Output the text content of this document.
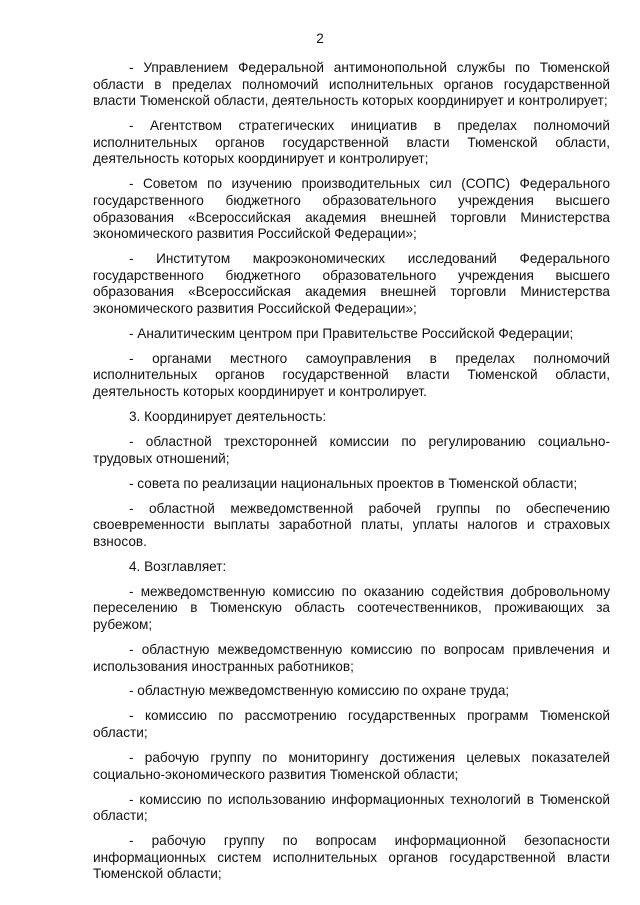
2

- Управлением Федеральной антимонопольной службы по Тюменской области в пределах полномочий исполнительных органов государственной власти Тюменской области, деятельность которых координирует и контролирует;

- Агентством стратегических инициатив в пределах полномочий исполнительных органов государственной власти Тюменской области, деятельность которых координирует и контролирует;

- Советом по изучению производительных сил (СОПС) Федерального государственного бюджетного образовательного учреждения высшего образования «Всероссийская академия внешней торговли Министерства экономического развития Российской Федерации»;

- Институтом макроэкономических исследований Федерального государственного бюджетного образовательного учреждения высшего образования «Всероссийская академия внешней торговли Министерства экономического развития Российской Федерации»;

- Аналитическим центром при Правительстве Российской Федерации;

- органами местного самоуправления в пределах полномочий исполнительных органов государственной власти Тюменской области, деятельность которых координирует и контролирует.

3. Координирует деятельность:

- областной трехсторонней комиссии по регулированию социально-трудовых отношений;

- совета по реализации национальных проектов в Тюменской области;

- областной межведомственной рабочей группы по обеспечению своевременности выплаты заработной платы, уплаты налогов и страховых взносов.

4. Возглавляет:

- межведомственную комиссию по оказанию содействия добровольному переселению в Тюменскую область соотечественников, проживающих за рубежом;

- областную межведомственную комиссию по вопросам привлечения и использования иностранных работников;

- областную межведомственную комиссию по охране труда;

- комиссию по рассмотрению государственных программ Тюменской области;

- рабочую группу по мониторингу достижения целевых показателей социально-экономического развития Тюменской области;

- комиссию по использованию информационных технологий в Тюменской области;

- рабочую группу по вопросам информационной безопасности информационных систем исполнительных органов государственной власти Тюменской области;
